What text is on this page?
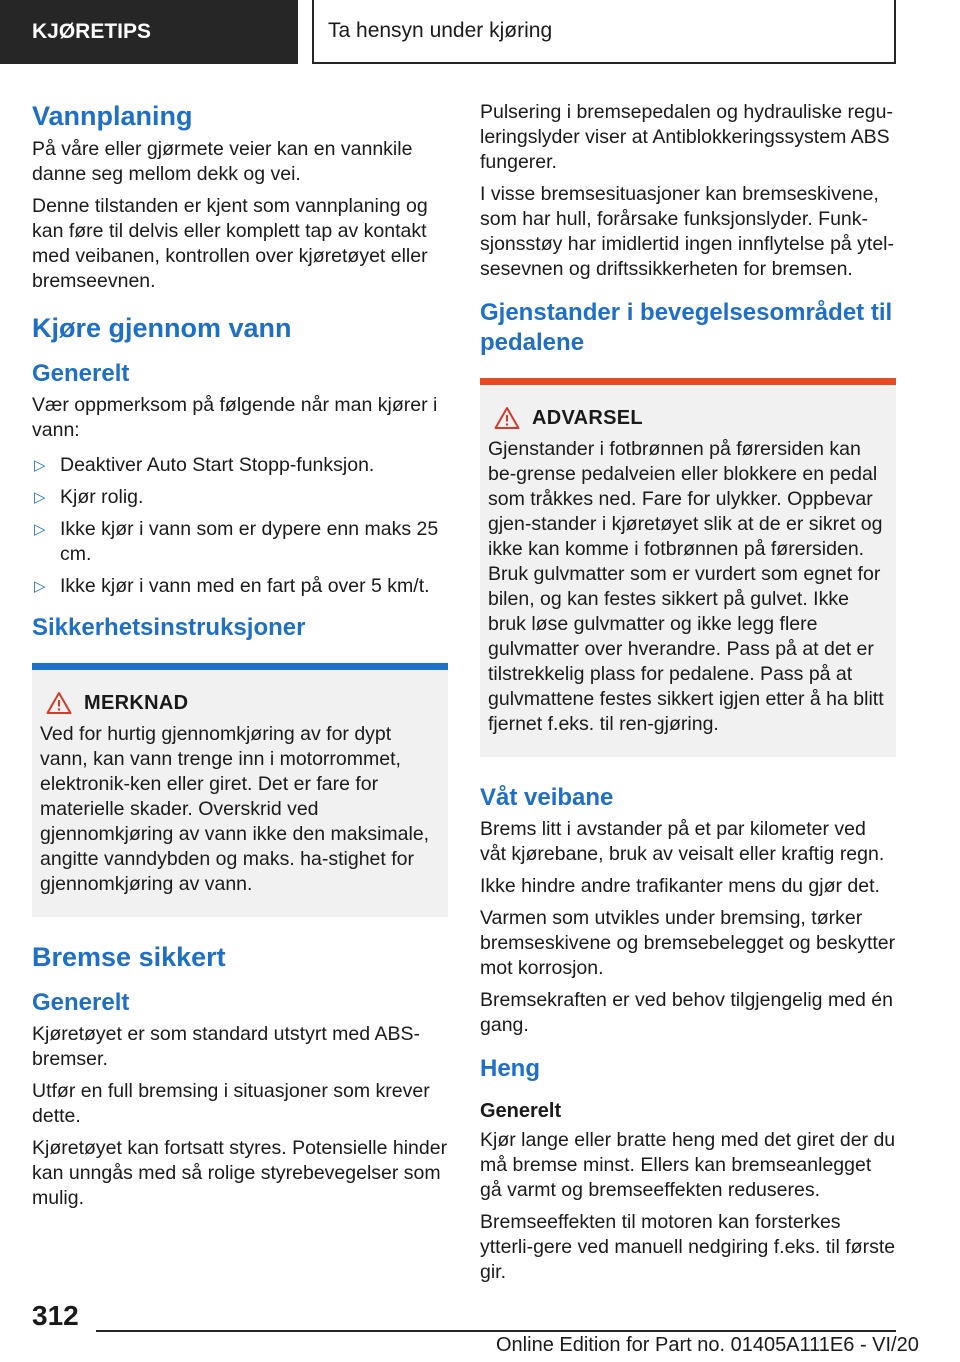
KJØRETIPS	Ta hensyn under kjøring
Vannplaning

På våre eller gjørmete veier kan en vannkile danne seg mellom dekk og vei.

Denne tilstanden er kjent som vannplaning og kan føre til delvis eller komplett tap av kontakt med veibanen, kontrollen over kjøretøyet eller bremseevnen.

Kjøre gjennom vann
Generelt

Vær oppmerksom på følgende når man kjører i vann:

▷ Deaktiver Auto Start Stopp-funksjon.
▷ Kjør rolig.
▷ Ikke kjør i vann som er dypere enn maks 25 cm.
▷ Ikke kjør i vann med en fart på over 5 km/t.
Sikkerhetsinstruksjoner
MERKNAD

Ved for hurtig gjennomkjøring av for dypt vann, kan vann trenge inn i motorrommet, elektronik-ken eller giret. Det er fare for materielle skader. Overskrid ved gjennomkjøring av vann ikke den maksimale, angitte vanndybden og maks. ha-stighet for gjennomkjøring av vann.

Bremse sikkert
Generelt

Kjøretøyet er som standard utstyrt med ABS-bremser.

Utfør en full bremsing i situasjoner som krever dette.

Kjøretøyet kan fortsatt styres. Potensielle hinder kan unngås med så rolige styrebevegelser som mulig.

Pulsering i bremsepedalen og hydrauliske regu-leringslyder viser at Antiblokkeringssystem ABS fungerer.

I visse bremsesituasjoner kan bremseskivene, som har hull, forårsake funksjonslyder. Funk-sjonsstøy har imidlertid ingen innflytelse på ytel-sesevnen og driftssikkerheten for bremsen.

Gjenstander i bevegelsesområdet til pedalene
ADVARSEL

Gjenstander i fotbrønnen på førersiden kan be-grense pedalveien eller blokkere en pedal som tråkkes ned. Fare for ulykker. Oppbevar gjen-stander i kjøretøyet slik at de er sikret og ikke kan komme i fotbrønnen på førersiden. Bruk gulvmatter som er vurdert som egnet for bilen, og kan festes sikkert på gulvet. Ikke bruk løse gulvmatter og ikke legg flere gulvmatter over hverandre. Pass på at det er tilstrekkelig plass for pedalene. Pass på at gulvmattene festes sikkert igjen etter å ha blitt fjernet f.eks. til ren-gjøring.

Våt veibane

Brems litt i avstander på et par kilometer ved våt kjørebane, bruk av veisalt eller kraftig regn.

Ikke hindre andre trafikanter mens du gjør det.

Varmen som utvikles under bremsing, tørker bremseskivene og bremsebelegget og beskytter mot korrosjon.

Bremsekraften er ved behov tilgjengelig med én gang.

Heng
Generelt

Kjør lange eller bratte heng med det giret der du må bremse minst. Ellers kan bremseanlegget gå varmt og bremseeffekten reduseres.

Bremseeffekten til motoren kan forsterkes ytterli-gere ved manuell nedgiring f.eks. til første gir.

312
Online Edition for Part no. 01405A111E6 - VI/20
